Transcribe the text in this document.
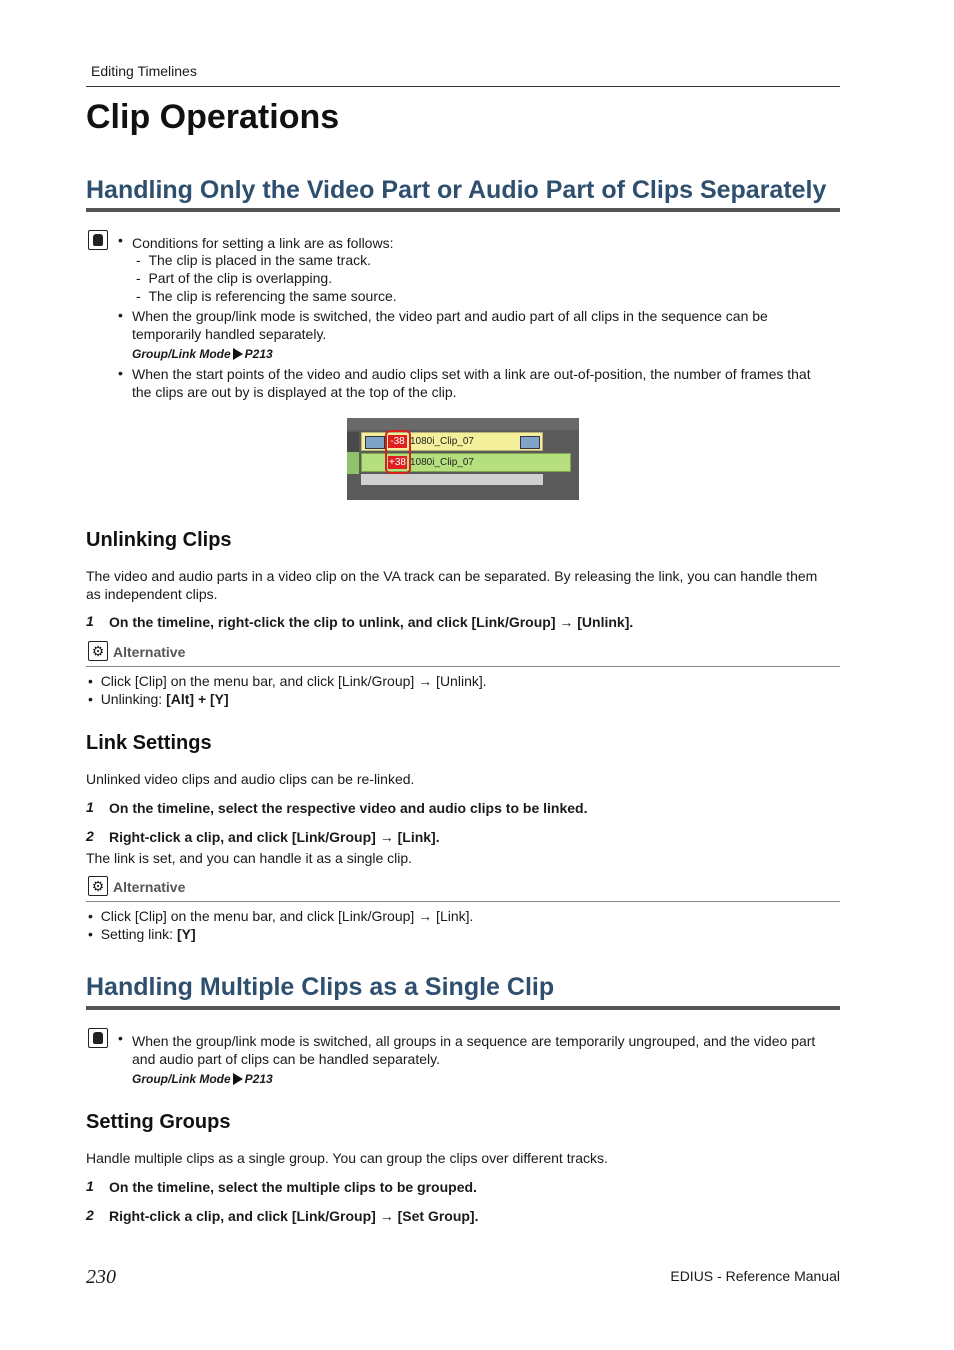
Editing Timelines
Clip Operations
Handling Only the Video Part or Audio Part of Clips Separately
• Conditions for setting a link are as follows:
-  The clip is placed in the same track.
-  Part of the clip is overlapping.
-  The clip is referencing the same source.
• When the group/link mode is switched, the video part and audio part of all clips in the sequence can be
temporarily handled separately.
Group/Link Mode P213
• When the start points of the video and audio clips set with a link are out-of-position, the number of frames that
the clips are out by is displayed at the top of the clip.
-38 1080i_Clip_07
+38 1080i_Clip_07
Unlinking Clips
The video and audio parts in a video clip on the VA track can be separated. By releasing the link, you can handle them
as independent clips.
1 On the timeline, right-click the clip to unlink, and click [Link/Group] → [Unlink].
⚙ Alternative
•  Click [Clip] on the menu bar, and click [Link/Group] → [Unlink].
•  Unlinking: [Alt] + [Y]
Link Settings
Unlinked video clips and audio clips can be re-linked.
1 On the timeline, select the respective video and audio clips to be linked.
2 Right-click a clip, and click [Link/Group] → [Link].
The link is set, and you can handle it as a single clip.
⚙ Alternative
•  Click [Clip] on the menu bar, and click [Link/Group] → [Link].
•  Setting link: [Y]
Handling Multiple Clips as a Single Clip
• When the group/link mode is switched, all groups in a sequence are temporarily ungrouped, and the video part
and audio part of clips can be handled separately.
Group/Link Mode P213
Setting Groups
Handle multiple clips as a single group. You can group the clips over different tracks.
1 On the timeline, select the multiple clips to be grouped.
2 Right-click a clip, and click [Link/Group] → [Set Group].
230	EDIUS - Reference Manual
